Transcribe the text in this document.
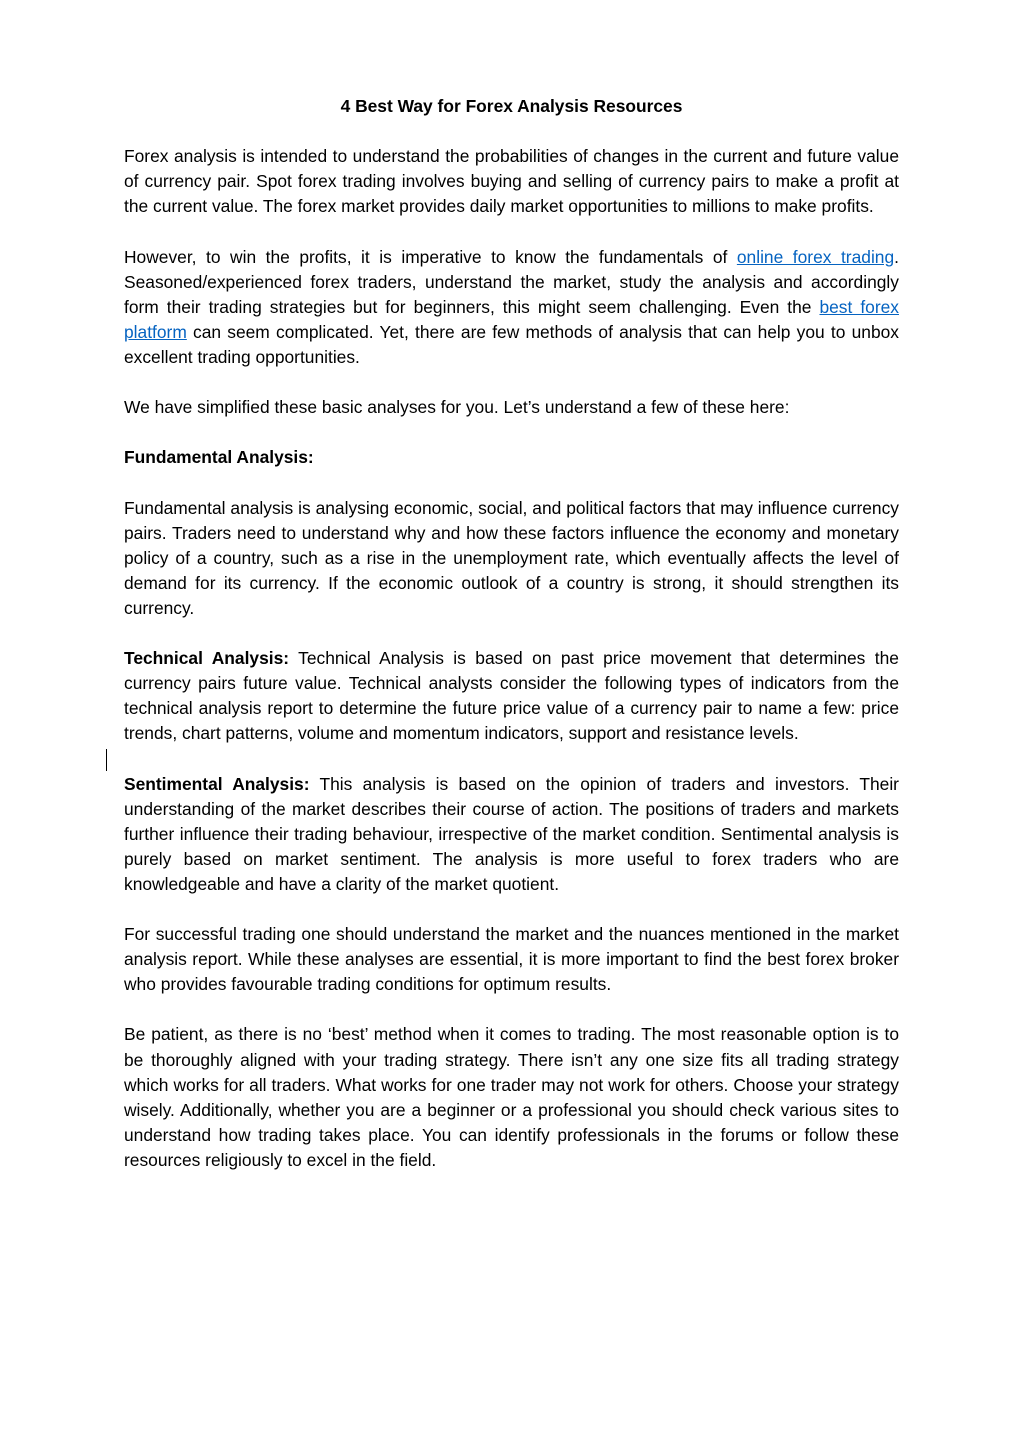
4 Best Way for Forex Analysis Resources

Forex analysis is intended to understand the probabilities of changes in the current and future value of currency pair. Spot forex trading involves buying and selling of currency pairs to make a profit at the current value. The forex market provides daily market opportunities to millions to make profits.

However, to win the profits, it is imperative to know the fundamentals of online forex trading. Seasoned/experienced forex traders, understand the market, study the analysis and accordingly form their trading strategies but for beginners, this might seem challenging. Even the best forex platform can seem complicated. Yet, there are few methods of analysis that can help you to unbox excellent trading opportunities.

We have simplified these basic analyses for you. Let’s understand a few of these here:

Fundamental Analysis:

Fundamental analysis is analysing economic, social, and political factors that may influence currency pairs. Traders need to understand why and how these factors influence the economy and monetary policy of a country, such as a rise in the unemployment rate, which eventually affects the level of demand for its currency. If the economic outlook of a country is strong, it should strengthen its currency.

Technical Analysis: Technical Analysis is based on past price movement that determines the currency pairs future value. Technical analysts consider the following types of indicators from the technical analysis report to determine the future price value of a currency pair to name a few: price trends, chart patterns, volume and momentum indicators, support and resistance levels.

Sentimental Analysis: This analysis is based on the opinion of traders and investors. Their understanding of the market describes their course of action. The positions of traders and markets further influence their trading behaviour, irrespective of the market condition. Sentimental analysis is purely based on market sentiment. The analysis is more useful to forex traders who are knowledgeable and have a clarity of the market quotient.

For successful trading one should understand the market and the nuances mentioned in the market analysis report. While these analyses are essential, it is more important to find the best forex broker who provides favourable trading conditions for optimum results.

Be patient, as there is no ‘best’ method when it comes to trading. The most reasonable option is to be thoroughly aligned with your trading strategy. There isn’t any one size fits all trading strategy which works for all traders. What works for one trader may not work for others. Choose your strategy wisely. Additionally, whether you are a beginner or a professional you should check various sites to understand how trading takes place. You can identify professionals in the forums or follow these resources religiously to excel in the field.
